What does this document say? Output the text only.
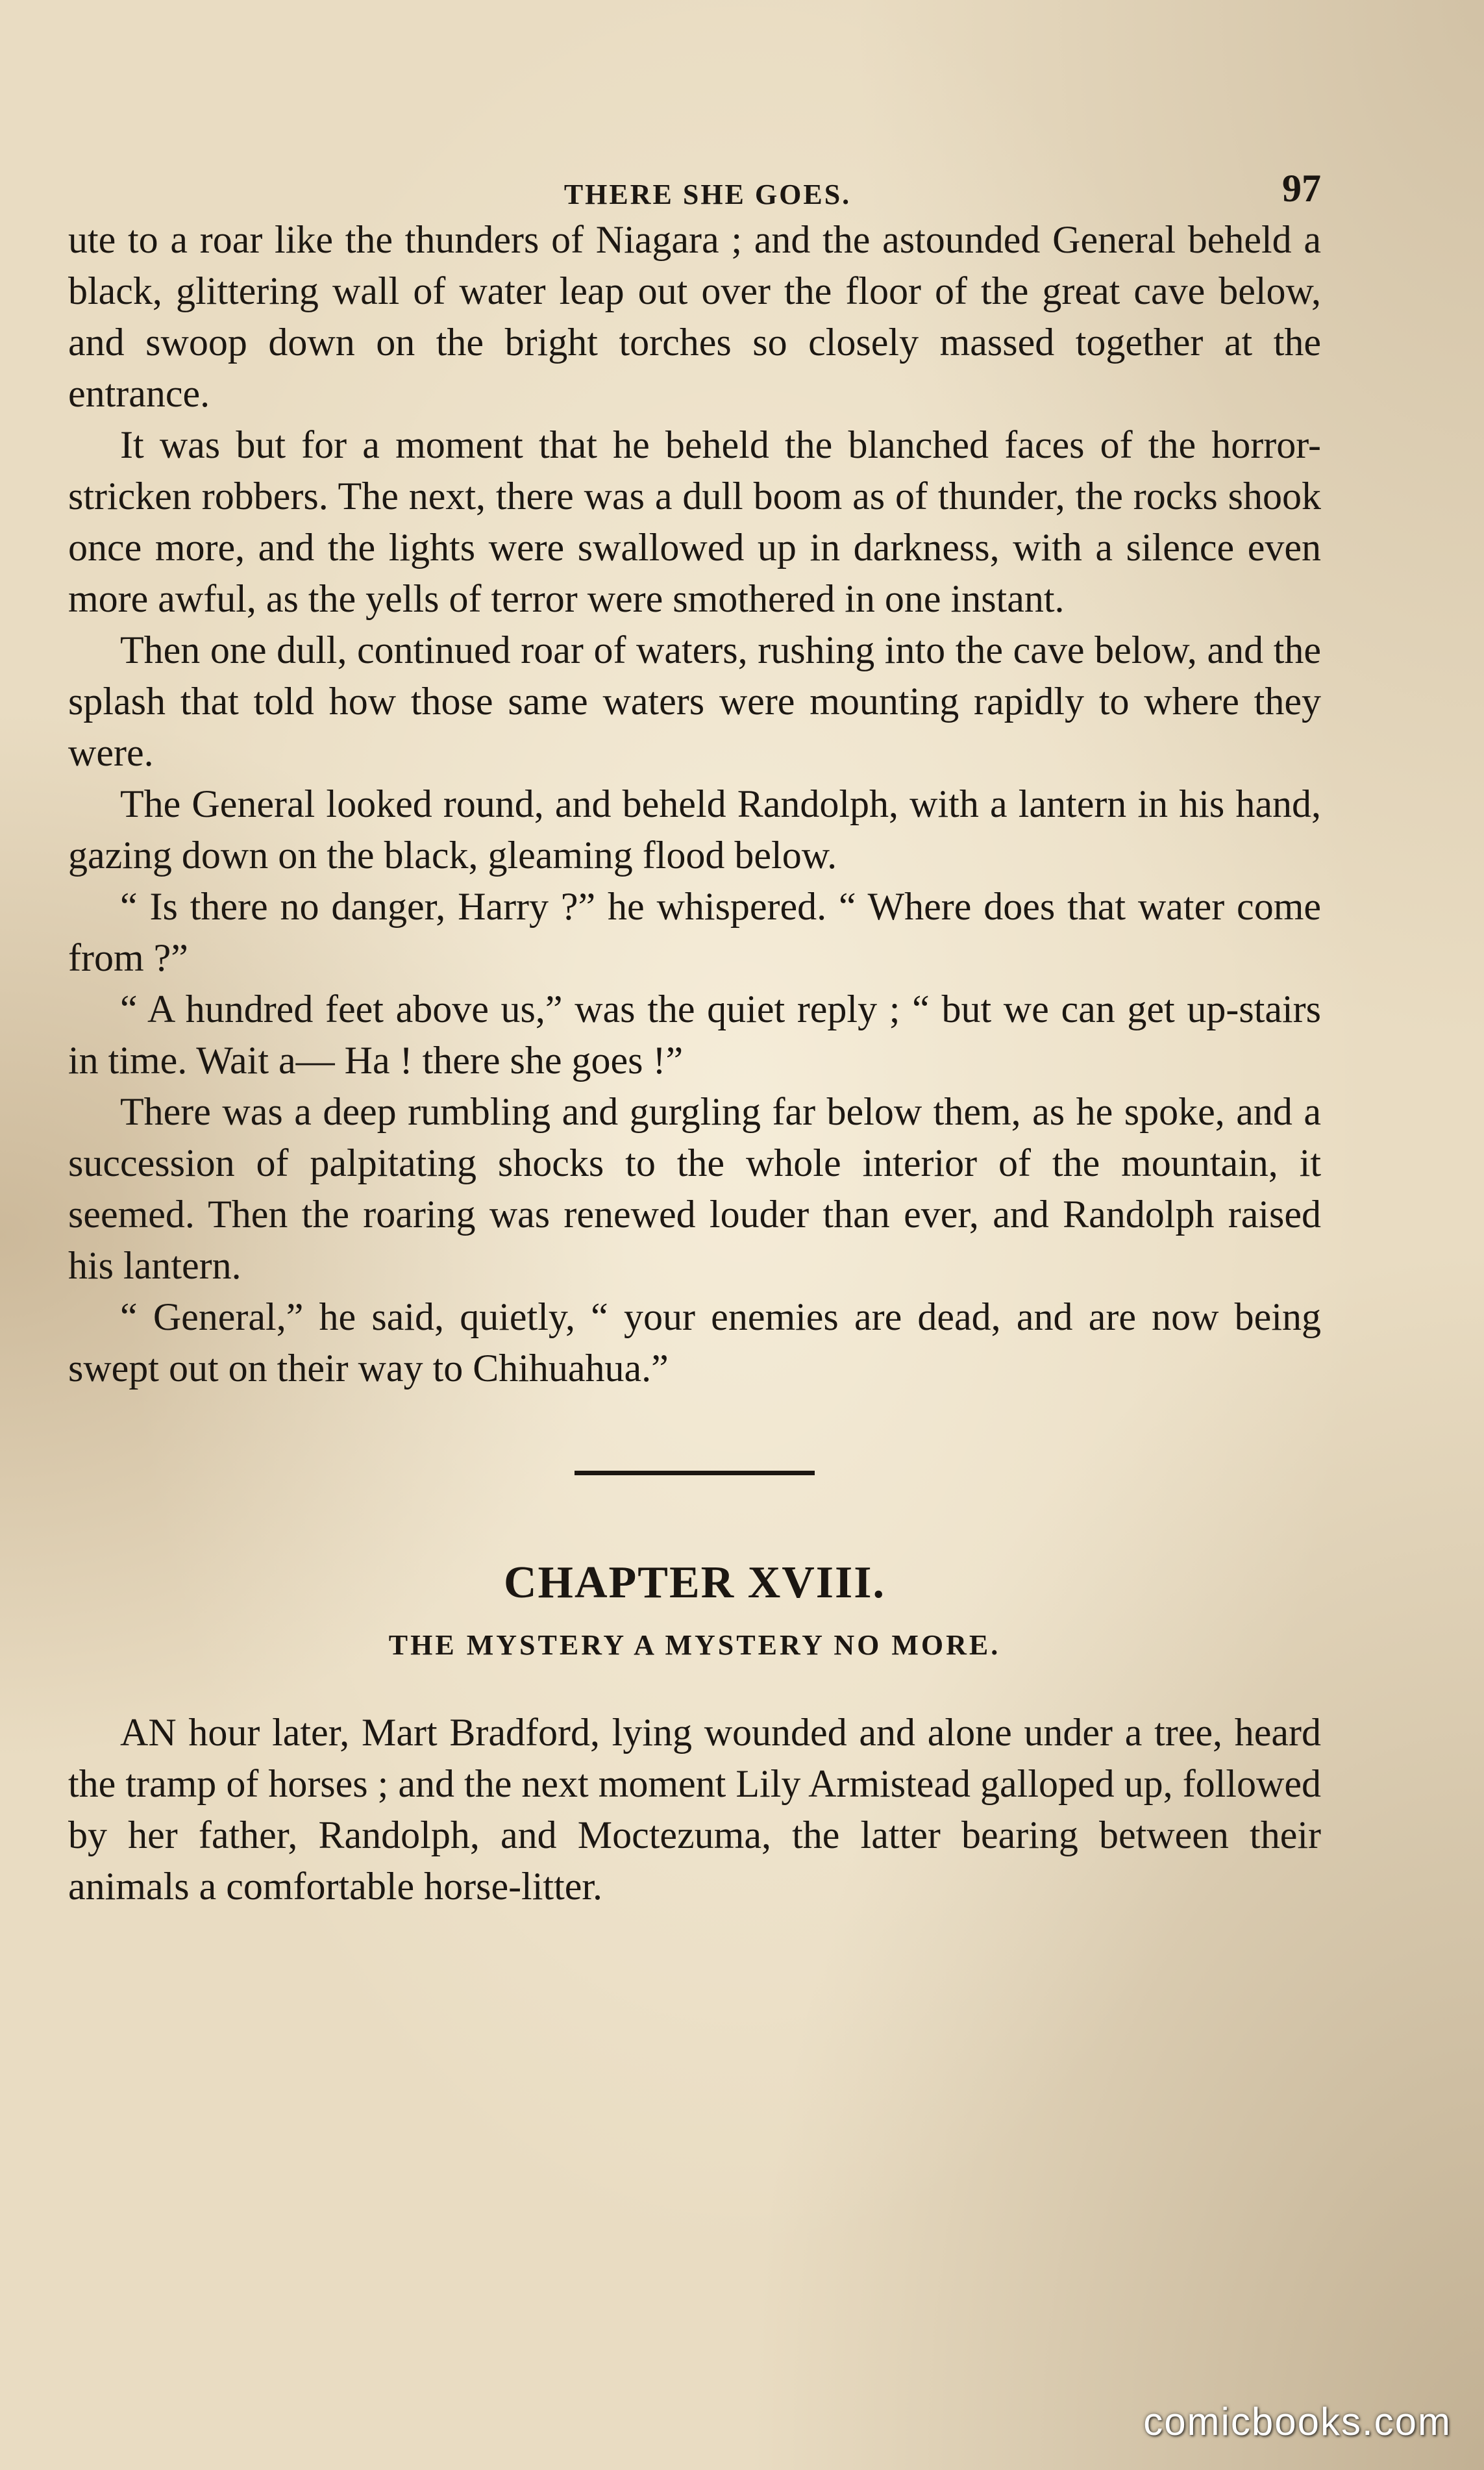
THERE SHE GOES.	97

ute to a roar like the thunders of Niagara ; and the astounded General beheld a black, glittering wall of water leap out over the floor of the great cave below, and swoop down on the bright torches so closely massed together at the entrance.

It was but for a moment that he beheld the blanched faces of the horror-stricken robbers. The next, there was a dull boom as of thunder, the rocks shook once more, and the lights were swallowed up in darkness, with a silence even more awful, as the yells of terror were smothered in one instant.

Then one dull, continued roar of waters, rushing into the cave below, and the splash that told how those same waters were mounting rapidly to where they were.

The General looked round, and beheld Randolph, with a lantern in his hand, gazing down on the black, gleaming flood below.

“ Is there no danger, Harry ?” he whispered. “ Where does that water come from ?”

“ A hundred feet above us,” was the quiet reply ; “ but we can get up-stairs in time. Wait a— Ha ! there she goes !”

There was a deep rumbling and gurgling far below them, as he spoke, and a succession of palpitating shocks to the whole interior of the mountain, it seemed. Then the roaring was renewed louder than ever, and Randolph raised his lantern.

“ General,” he said, quietly, “ your enemies are dead, and are now being swept out on their way to Chihuahua.”

CHAPTER XVIII.
THE MYSTERY A MYSTERY NO MORE.

AN hour later, Mart Bradford, lying wounded and alone under a tree, heard the tramp of horses ; and the next moment Lily Armistead galloped up, followed by her father, Randolph, and Moctezuma, the latter bearing between their animals a comfortable horse-litter.

comicbooks.com
